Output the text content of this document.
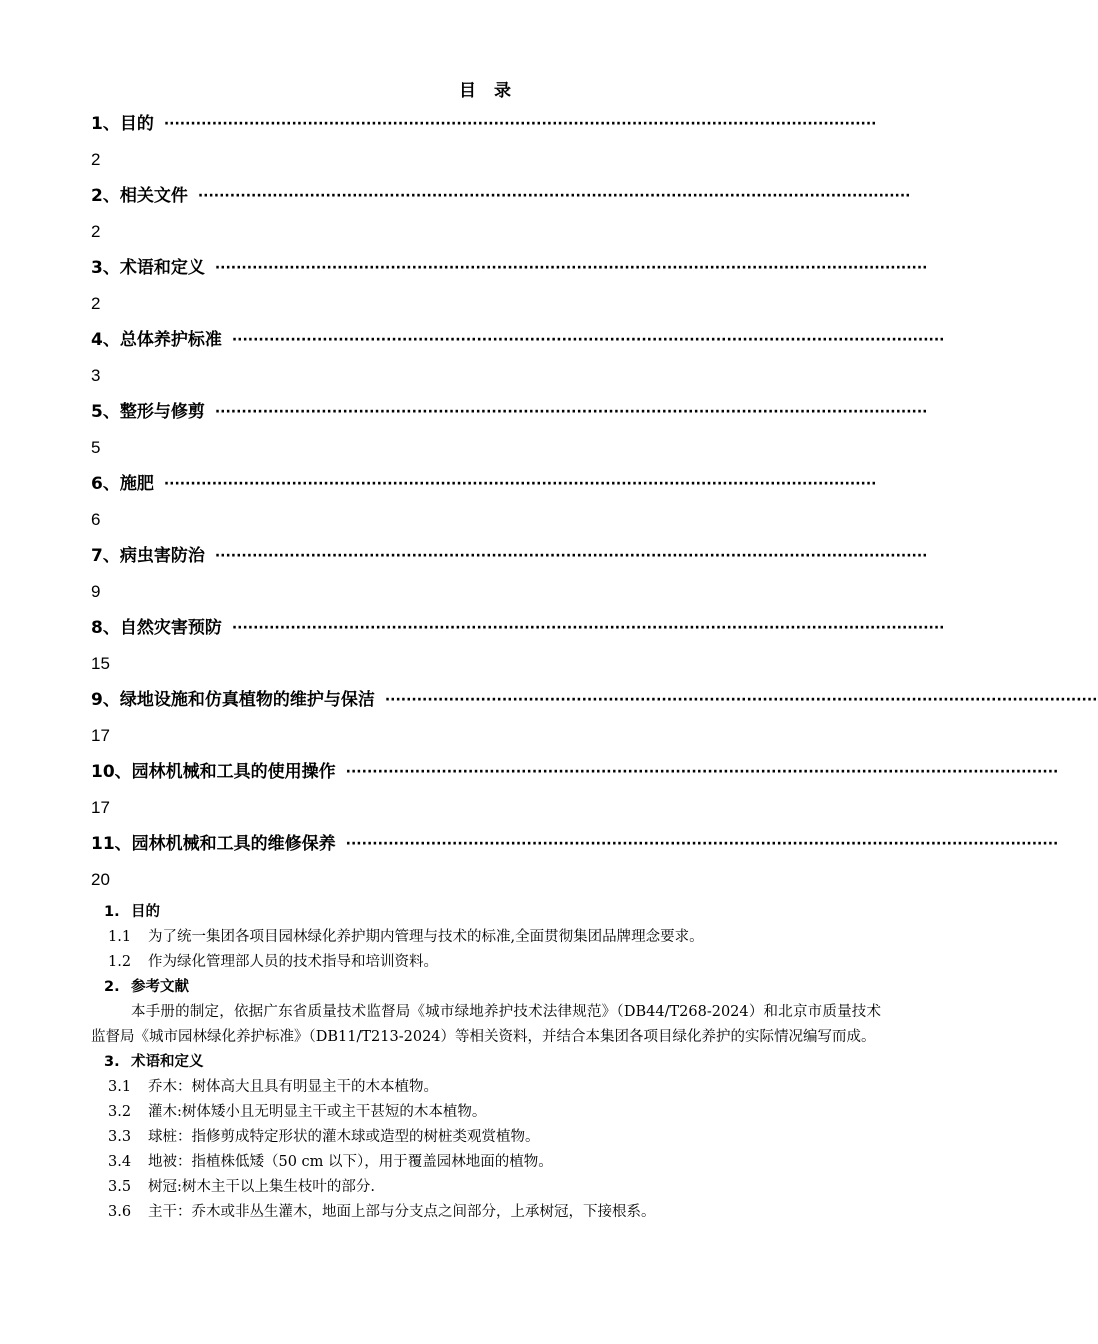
目 录
1、目的 ······································································································································
2
2、相关文件 ······································································································································
2
3、术语和定义 ······································································································································
2
4、总体养护标准 ······································································································································
3
5、整形与修剪 ······································································································································
5
6、施肥 ······································································································································
6
7、病虫害防治 ······································································································································
9
8、自然灾害预防 ······································································································································
15
9、绿地设施和仿真植物的维护与保洁 ······································································································································
17
10、园林机械和工具的使用操作 ······································································································································
17
11、园林机械和工具的维修保养 ······································································································································
20
1. 目的
1.1 为了统一集团各项目园林绿化养护期内管理与技术的标准,全面贯彻集团品牌理念要求。
1.2 作为绿化管理部人员的技术指导和培训资料。
2. 参考文献
本手册的制定，依据广东省质量技术监督局《城市绿地养护技术法律规范》（DB44/T268-2024）和北京市质量技术监督局《城市园林绿化养护标准》（DB11/T213-2024）等相关资料，并结合本集团各项目绿化养护的实际情况编写而成。
3. 术语和定义
3.1 乔木：树体高大且具有明显主干的木本植物。
3.2 灌木:树体矮小且无明显主干或主干甚短的木本植物。
3.3 球桩：指修剪成特定形状的灌木球或造型的树桩类观赏植物。
3.4 地被：指植株低矮（50 cm 以下），用于覆盖园林地面的植物。
3.5 树冠:树木主干以上集生枝叶的部分.
3.6 主干：乔木或非丛生灌木，地面上部与分支点之间部分，上承树冠，下接根系。
